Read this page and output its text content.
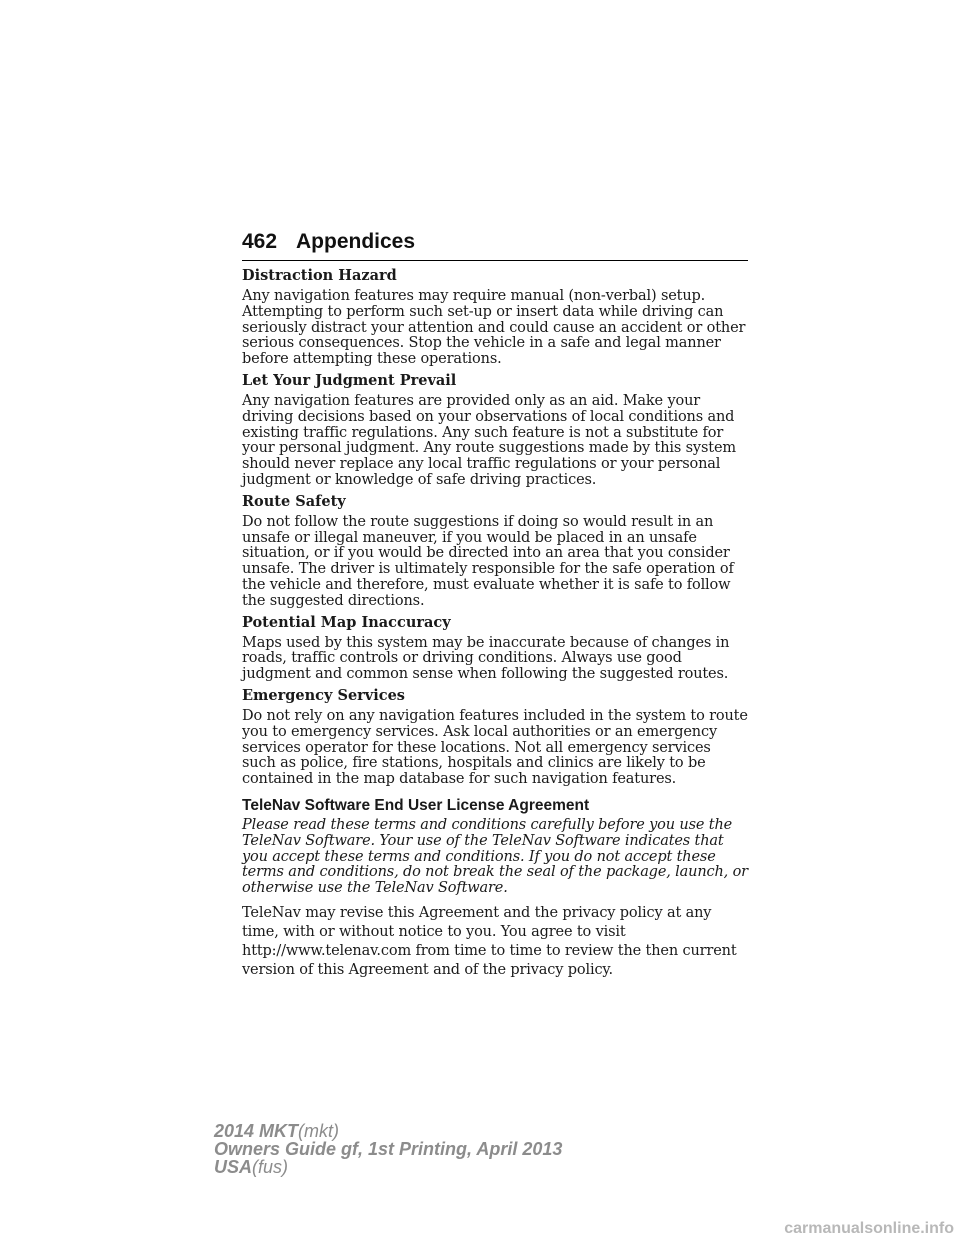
462 Appendices
Distraction Hazard
Any navigation features may require manual (non-verbal) setup. Attempting to perform such set-up or insert data while driving can seriously distract your attention and could cause an accident or other serious consequences. Stop the vehicle in a safe and legal manner before attempting these operations.
Let Your Judgment Prevail
Any navigation features are provided only as an aid. Make your driving decisions based on your observations of local conditions and existing traffic regulations. Any such feature is not a substitute for your personal judgment. Any route suggestions made by this system should never replace any local traffic regulations or your personal judgment or knowledge of safe driving practices.
Route Safety
Do not follow the route suggestions if doing so would result in an unsafe or illegal maneuver, if you would be placed in an unsafe situation, or if you would be directed into an area that you consider unsafe. The driver is ultimately responsible for the safe operation of the vehicle and therefore, must evaluate whether it is safe to follow the suggested directions.
Potential Map Inaccuracy
Maps used by this system may be inaccurate because of changes in roads, traffic controls or driving conditions. Always use good judgment and common sense when following the suggested routes.
Emergency Services
Do not rely on any navigation features included in the system to route you to emergency services. Ask local authorities or an emergency services operator for these locations. Not all emergency services such as police, fire stations, hospitals and clinics are likely to be contained in the map database for such navigation features.
TeleNav Software End User License Agreement
Please read these terms and conditions carefully before you use the TeleNav Software. Your use of the TeleNav Software indicates that you accept these terms and conditions. If you do not accept these terms and conditions, do not break the seal of the package, launch, or otherwise use the TeleNav Software.
TeleNav may revise this Agreement and the privacy policy at any time, with or without notice to you. You agree to visit http://www.telenav.com from time to time to review the then current version of this Agreement and of the privacy policy.
2014 MKT(mkt)
Owners Guide gf, 1st Printing, April 2013
USA(fus)
carmanualsonline.info
